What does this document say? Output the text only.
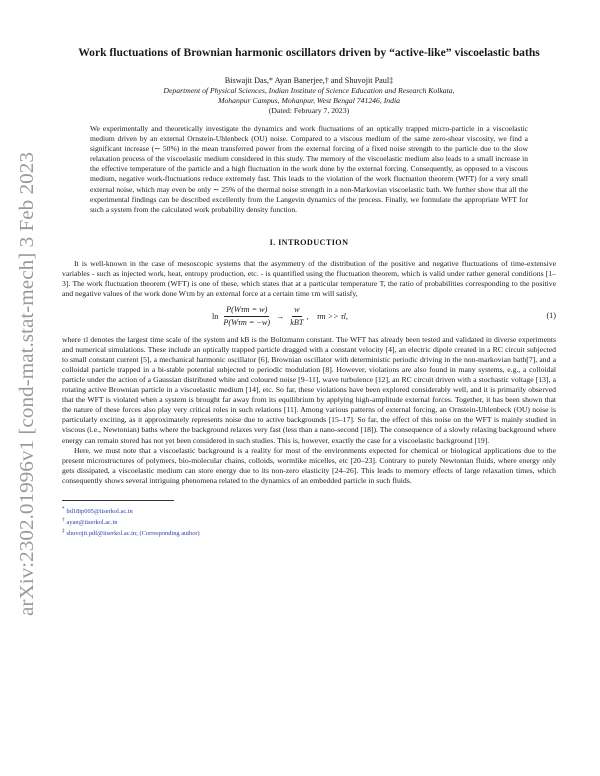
arXiv:2302.01996v1 [cond-mat.stat-mech] 3 Feb 2023
Work fluctuations of Brownian harmonic oscillators driven by “active-like” viscoelastic baths
Biswajit Das,* Ayan Banerjee,† and Shuvojit Paul‡
Department of Physical Sciences, Indian Institute of Science Education and Research Kolkata,
Mohanpur Campus, Mohanpur, West Bengal 741246, India
(Dated: February 7, 2023)

We experimentally and theoretically investigate the dynamics and work fluctuations of an optically trapped micro-particle in a viscoelastic medium driven by an external Ornstein-Uhlenbeck (OU) noise. Compared to a viscous medium of the same zero-shear viscosity, we find a significant increase (∼ 50%) in the mean transferred power from the external forcing of a fixed noise strength to the particle due to the slow relaxation process of the viscoelastic medium considered in this study. The memory of the viscoelastic medium also leads to a small increase in the effective temperature of the particle and a high fluctuation in the work done by the external forcing. Consequently, as opposed to a viscous medium, negative work-fluctuations reduce extremely fast. This leads to the violation of the work fluctuation theorem (WFT) for a very small external noise, which may even be only ∼ 25% of the thermal noise strength in a non-Markovian viscoelastic bath. We further show that all the experimental findings can be described excellently from the Langevin dynamics of the process. Finally, we formulate the appropriate WFT for such a system from the calculated work probability density function.

I. INTRODUCTION

It is well-known in the case of mesoscopic systems that the asymmetry of the distribution of the positive and negative fluctuations of time-extensive variables - such as injected work, heat, entropy production, etc. - is quantified using the fluctuation theorem, which is valid under rather general conditions [1–3]. The work fluctuation theorem (WFT) is one of these, which states that at a particular temperature T, the ratio of probabilities corresponding to the positive and negative values of the work done Wτm by an external force at a certain time τm will satisfy,

$\ln \frac{\text{P(Wτm = w)}}{\text{P(Wτm = −w)}} \to \frac{w}{\text{kBT}}$ ,    τm >> τl,	(1)

where τl denotes the largest time scale of the system and kB is the Boltzmann constant. The WFT has already been tested and validated in diverse experiments and numerical simulations. These include an optically trapped particle dragged with a constant velocity [4], an electric dipole created in a RC circuit subjected to small constant current [5], a mechanical harmonic oscillator [6], Brownian oscillator with deterministic periodic driving in the non-markovian bath[7], and a colloidal particle trapped in a bi-stable potential subjected to periodic modulation [8]. However, violations are also found in many systems, e.g., a colloidal particle under the action of a Gaussian distributed white and coloured noise [9–11], wave turbulence [12], an RC circuit driven with a stochastic voltage [13], a rotating active Brownian particle in a viscoelastic medium [14], etc. So far, these violations have been explored considerably well, and it is primarily observed that the WFT is violated when a system is brought far away from its equilibrium by applying high-amplitude external forces. Together, it has been shown that the nature of these forces also play very critical roles in such relations [11]. Among various patterns of external forcing, an Ornstein-Uhlenbeck (OU) noise is particularly exciting, as it approximately represents noise due to active backgrounds [15–17]. So far, the effect of this noise on the WFT is mainly studied in viscous (i.e., Newtonian) baths where the background relaxes very fast (less than a nano-second [18]). The consequence of a slowly relaxing background where energy can remain stored has not yet been considered in such studies. This is, however, exactly the case for a viscoelastic background [19].

Here, we must note that a viscoelastic background is a reality for most of the environments expected for chemical or biological applications due to the present microstructures of polymers, bio-molecular chains, colloids, wormlike micelles, etc [20–23]. Contrary to purely Newtonian fluids, where energy only gets dissipated, a viscoelastic medium can store energy due to its non-zero elasticity [24–26]. This leads to memory effects of large relaxation times, which consequently shows several intriguing phenomena related to the dynamics of an embedded particle in such fluids.

* bd18ip005@iiserkol.ac.in
† ayan@iiserkol.ac.in
‡ shuvojit.pdf@iiserkol.ac.in; (Corresponding author)
